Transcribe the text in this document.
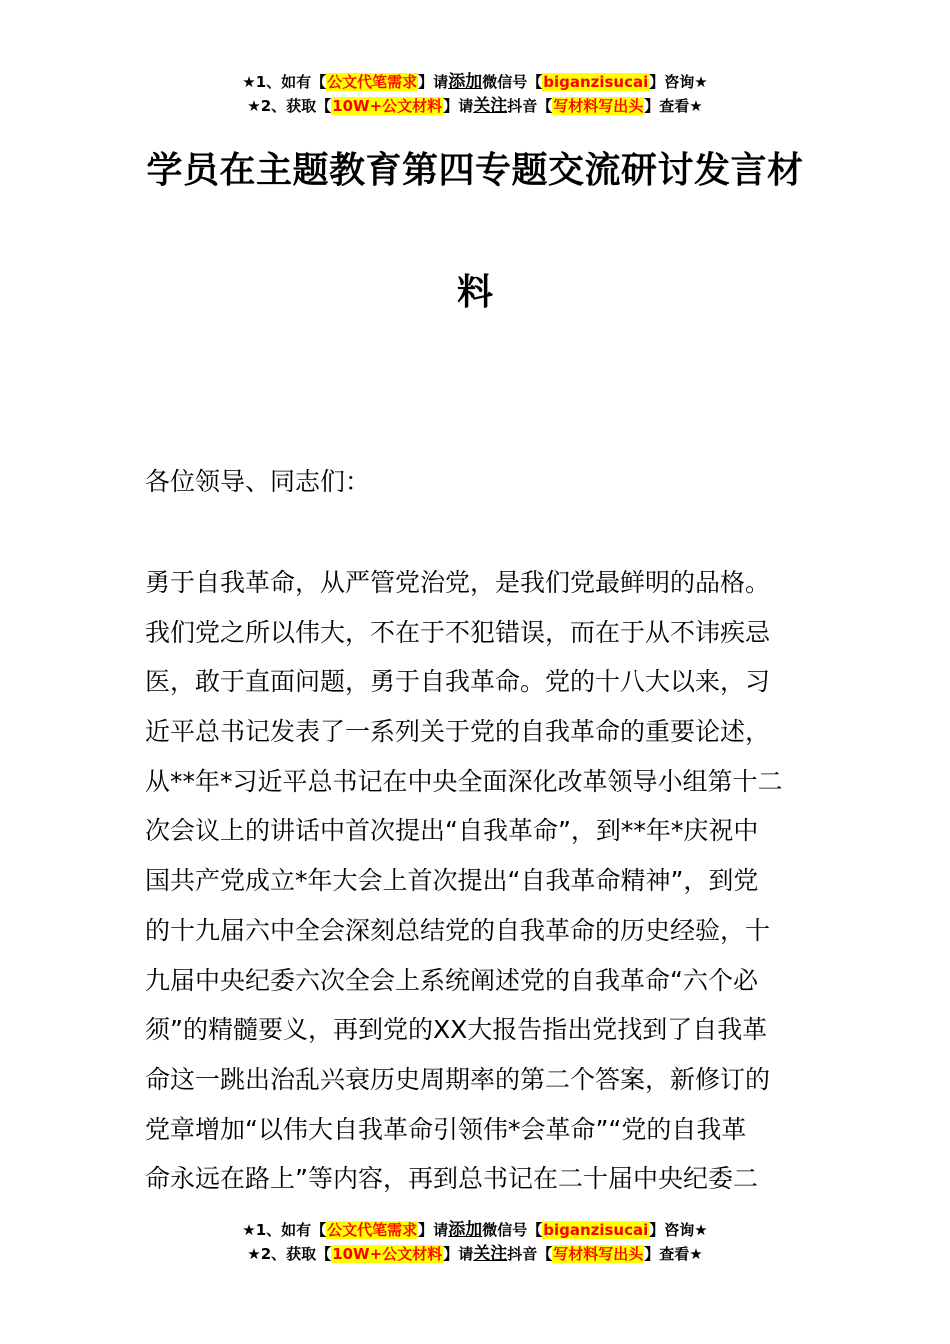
★1、如有【公文代笔需求】请添加微信号【biganzisucai】咨询★
★2、获取【10W+公文材料】请关注抖音【写材料写出头】查看★
学员在主题教育第四专题交流研讨发言材
料
各位领导、同志们：
勇于自我革命，从严管党治党，是我们党最鲜明的品格。
我们党之所以伟大，不在于不犯错误，而在于从不讳疾忌
医，敢于直面问题，勇于自我革命。党的十八大以来，习
近平总书记发表了一系列关于党的自我革命的重要论述，
从**年*习近平总书记在中央全面深化改革领导小组第十二
次会议上的讲话中首次提出“自我革命”，到**年*庆祝中
国共产党成立*年大会上首次提出“自我革命精神”，到党
的十九届六中全会深刻总结党的自我革命的历史经验，十
九届中央纪委六次全会上系统阐述党的自我革命“六个必
须”的精髓要义，再到党的XX大报告指出党找到了自我革
命这一跳出治乱兴衰历史周期率的第二个答案，新修订的
党章增加“以伟大自我革命引领伟*会革命”“党的自我革
命永远在路上”等内容，再到总书记在二十届中央纪委二
★1、如有【公文代笔需求】请添加微信号【biganzisucai】咨询★
★2、获取【10W+公文材料】请关注抖音【写材料写出头】查看★
